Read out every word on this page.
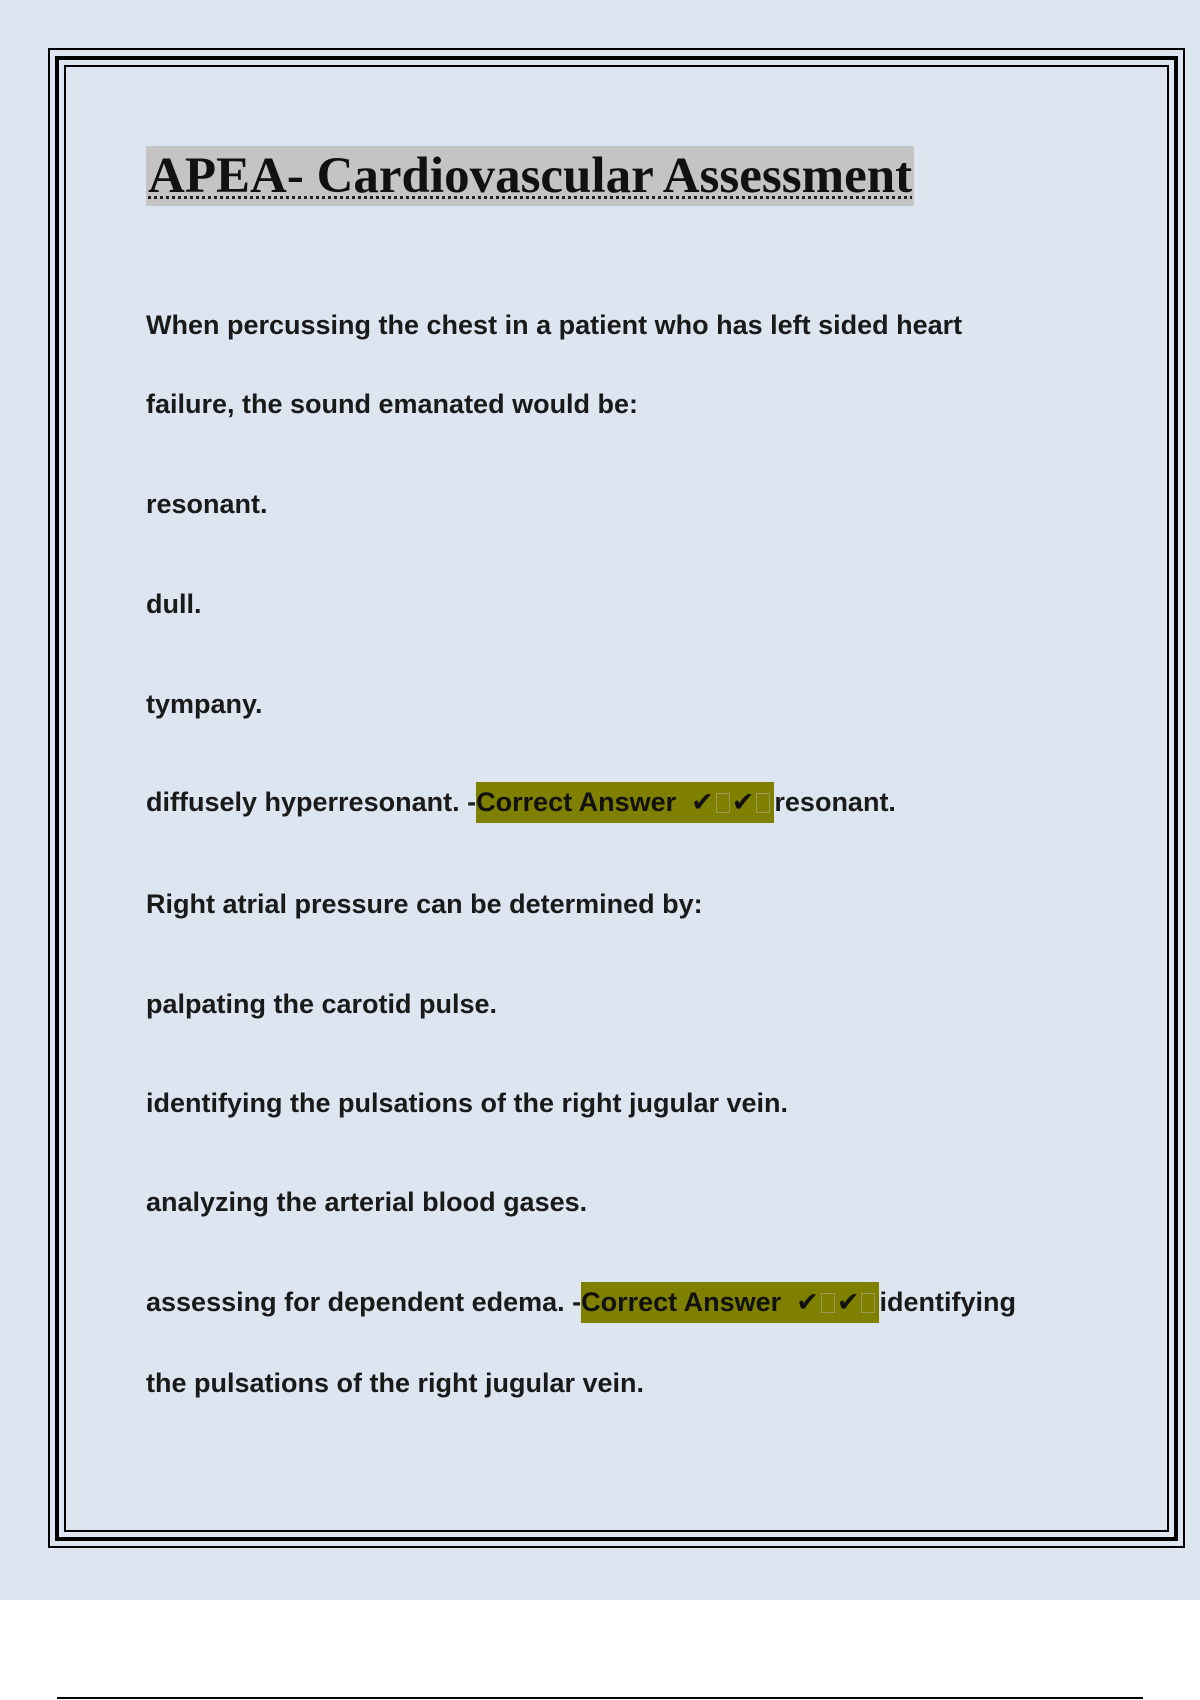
APEA- Cardiovascular Assessment
When percussing the chest in a patient who has left sided heart
failure, the sound emanated would be:
resonant.
dull.
tympany.
diffusely hyperresonant. -Correct Answer ✔ ✔ resonant.
Right atrial pressure can be determined by:
palpating the carotid pulse.
identifying the pulsations of the right jugular vein.
analyzing the arterial blood gases.
assessing for dependent edema. -Correct Answer ✔ ✔ identifying
the pulsations of the right jugular vein.
